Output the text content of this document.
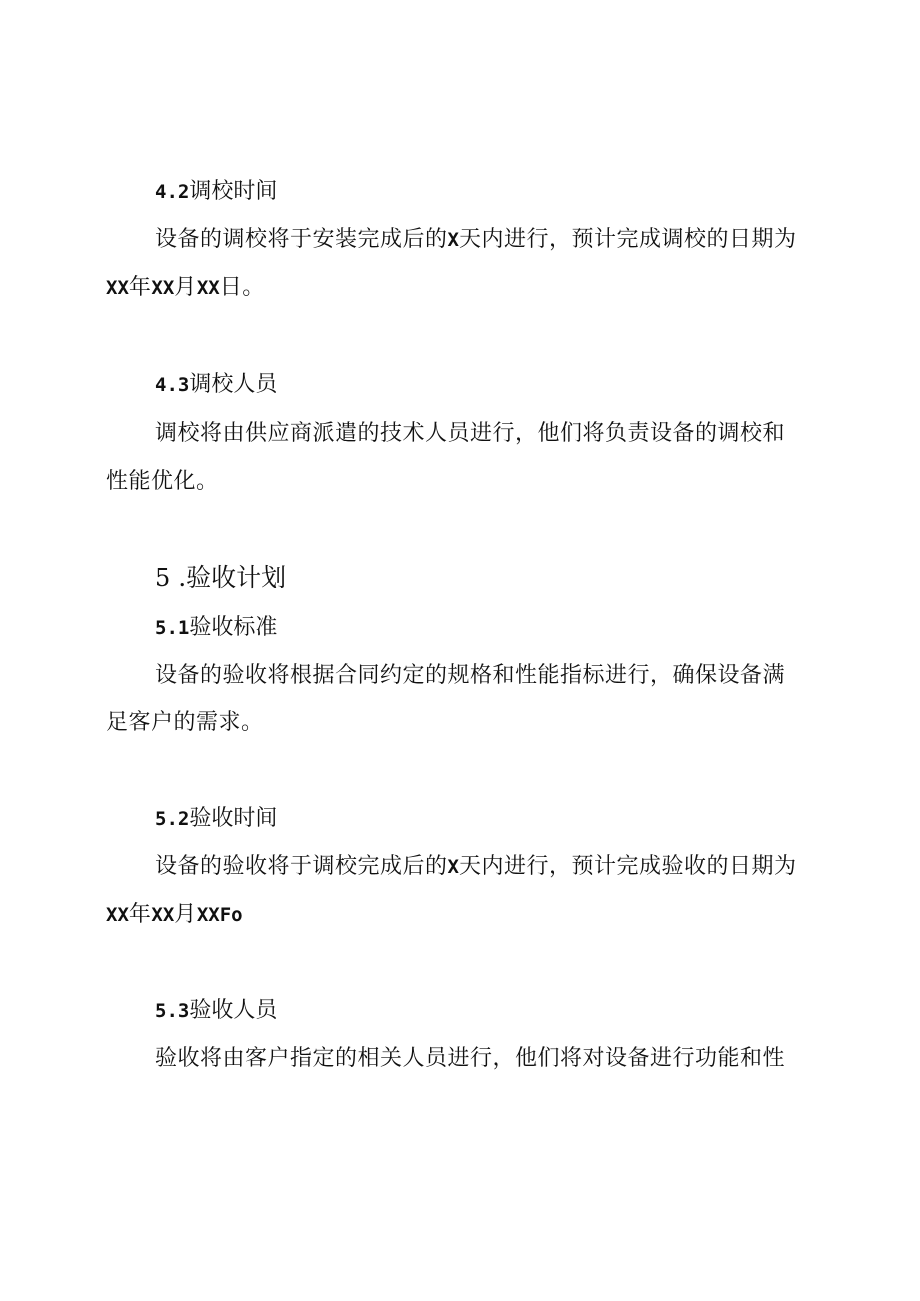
4.2调校时间
设备的调校将于安装完成后的X天内进行，预计完成调校的日期为
XX年XX月XX日。
4.3调校人员
调校将由供应商派遣的技术人员进行，他们将负责设备的调校和
性能优化。
5 .验收计划
5.1验收标准
设备的验收将根据合同约定的规格和性能指标进行，确保设备满
足客户的需求。
5.2验收时间
设备的验收将于调校完成后的X天内进行，预计完成验收的日期为
XX年XX月XXFo
5.3验收人员
验收将由客户指定的相关人员进行，他们将对设备进行功能和性
